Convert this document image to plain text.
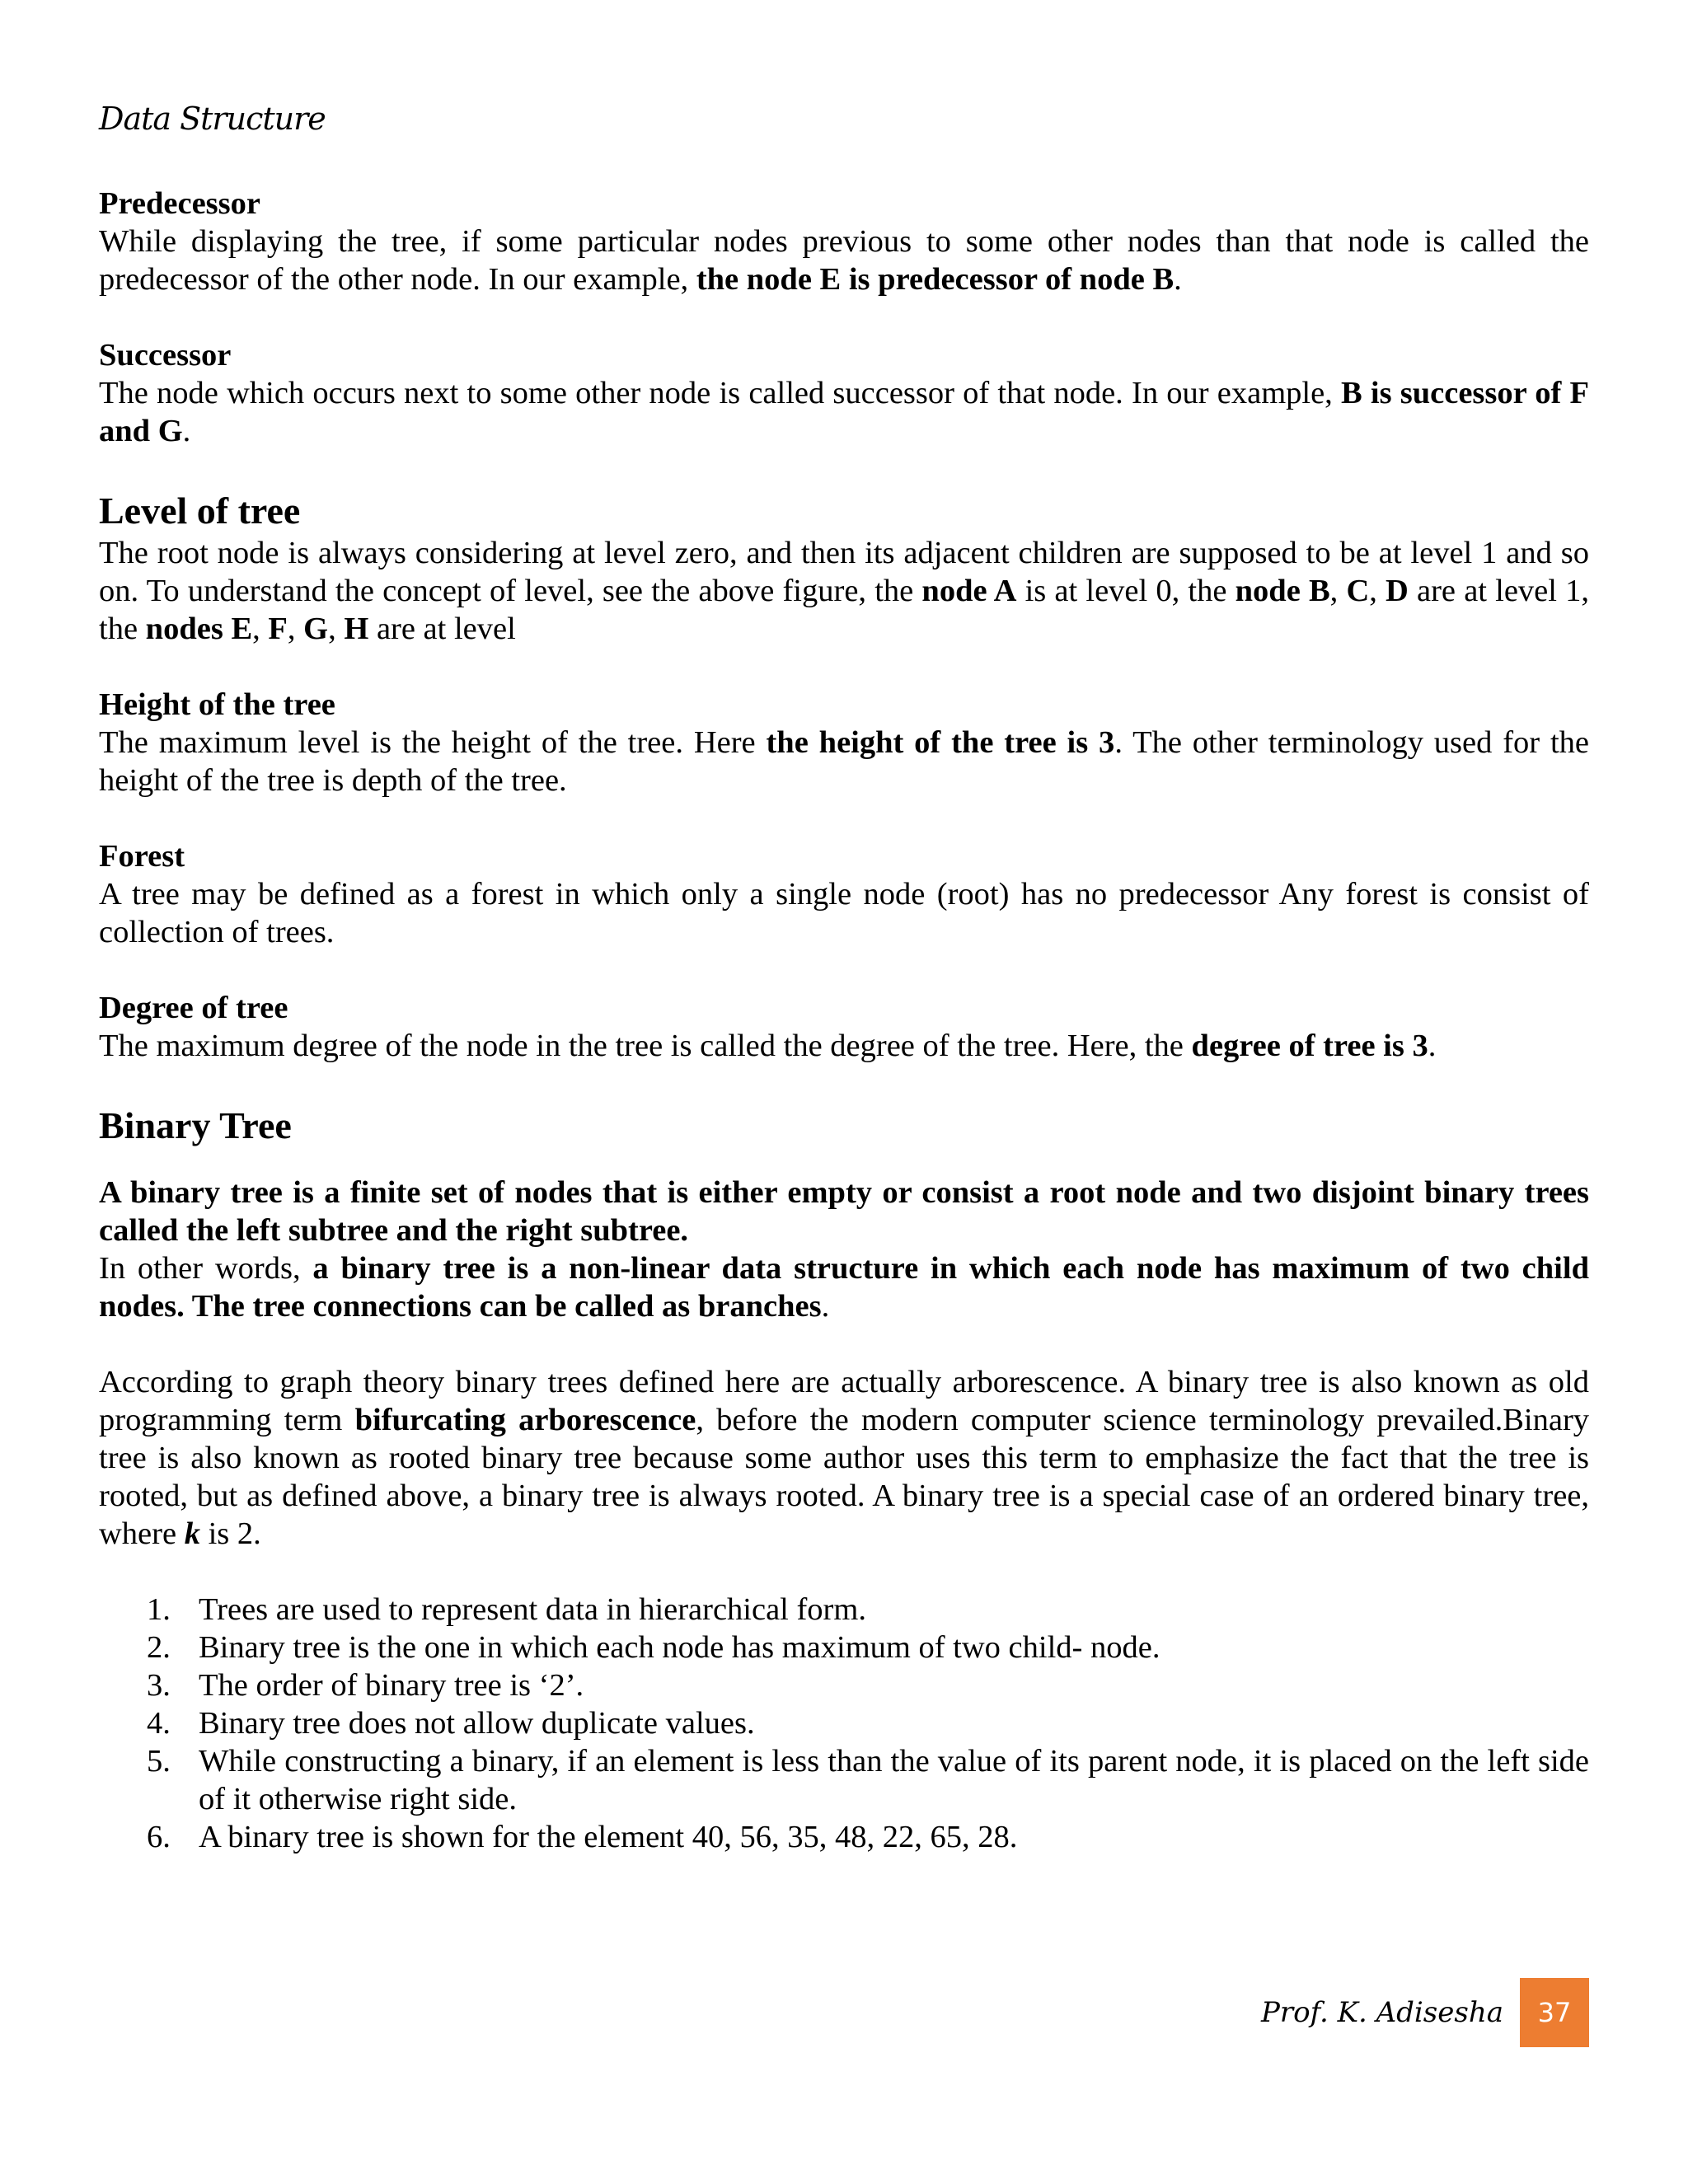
Data Structure

Predecessor

While displaying the tree, if some particular nodes previous to some other nodes than that node is called the predecessor of the other node. In our example, the node E is predecessor of node B.

Successor

The node which occurs next to some other node is called successor of that node. In our example, B is successor of F and G.

Level of tree

The root node is always considering at level zero, and then its adjacent children are supposed to be at level 1 and so on. To understand the concept of level, see the above figure, the node A is at level 0, the node B, C, D are at level 1, the nodes E, F, G, H are at level

Height of the tree

The maximum level is the height of the tree. Here the height of the tree is 3. The other terminology used for the height of the tree is depth of the tree.

Forest

A tree may be defined as a forest in which only a single node (root) has no predecessor Any forest is consist of collection of trees.

Degree of tree

The maximum degree of the node in the tree is called the degree of the tree. Here, the degree of tree is 3.

Binary Tree

A binary tree is a finite set of nodes that is either empty or consist a root node and two disjoint binary trees called the left subtree and the right subtree.

In other words, a binary tree is a non-linear data structure in which each node has maximum of two child nodes. The tree connections can be called as branches.

According to graph theory binary trees defined here are actually arborescence. A binary tree is also known as old programming term bifurcating arborescence, before the modern computer science terminology prevailed.Binary tree is also known as rooted binary tree because some author uses this term to emphasize the fact that the tree is rooted, but as defined above, a binary tree is always rooted. A binary tree is a special case of an ordered binary tree, where k is 2.

1. Trees are used to represent data in hierarchical form.
2. Binary tree is the one in which each node has maximum of two child- node.
3. The order of binary tree is ‘2’.
4. Binary tree does not allow duplicate values.
5. While constructing a binary, if an element is less than the value of its parent node, it is placed on the left side of it otherwise right side.
6. A binary tree is shown for the element 40, 56, 35, 48, 22, 65, 28.
Prof. K. Adisesha	37
